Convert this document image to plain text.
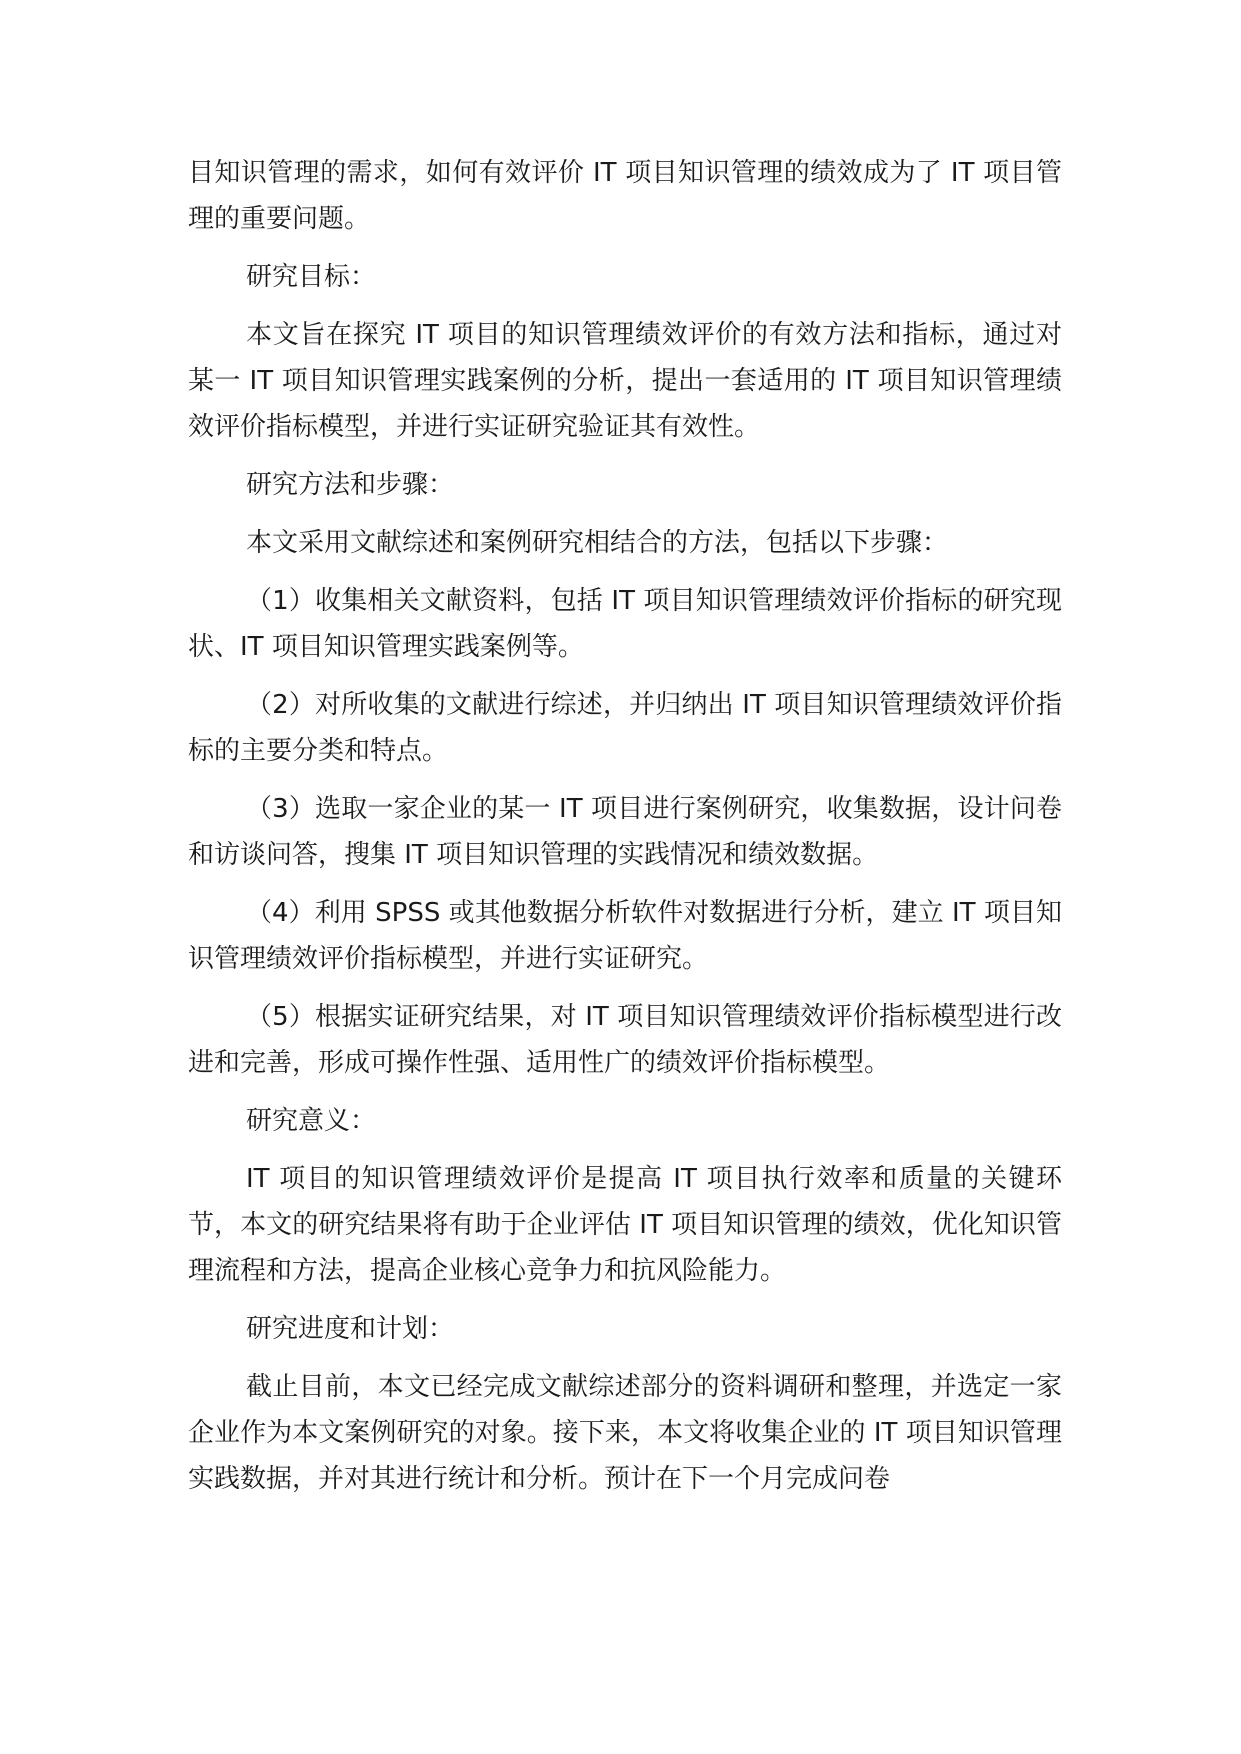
目知识管理的需求，如何有效评价 IT 项目知识管理的绩效成为了 IT 项目管理的重要问题。

研究目标：

本文旨在探究 IT 项目的知识管理绩效评价的有效方法和指标，通过对某一 IT 项目知识管理实践案例的分析，提出一套适用的 IT 项目知识管理绩效评价指标模型，并进行实证研究验证其有效性。

研究方法和步骤：

本文采用文献综述和案例研究相结合的方法，包括以下步骤：

（1）收集相关文献资料，包括 IT 项目知识管理绩效评价指标的研究现状、IT 项目知识管理实践案例等。

（2）对所收集的文献进行综述，并归纳出 IT 项目知识管理绩效评价指标的主要分类和特点。

（3）选取一家企业的某一 IT 项目进行案例研究，收集数据，设计问卷和访谈问答，搜集 IT 项目知识管理的实践情况和绩效数据。

（4）利用 SPSS 或其他数据分析软件对数据进行分析，建立 IT 项目知识管理绩效评价指标模型，并进行实证研究。

（5）根据实证研究结果，对 IT 项目知识管理绩效评价指标模型进行改进和完善，形成可操作性强、适用性广的绩效评价指标模型。

研究意义：

IT 项目的知识管理绩效评价是提高 IT 项目执行效率和质量的关键环节，本文的研究结果将有助于企业评估 IT 项目知识管理的绩效，优化知识管理流程和方法，提高企业核心竞争力和抗风险能力。

研究进度和计划：

截止目前，本文已经完成文献综述部分的资料调研和整理，并选定一家企业作为本文案例研究的对象。接下来，本文将收集企业的 IT 项目知识管理实践数据，并对其进行统计和分析。预计在下一个月完成问卷
